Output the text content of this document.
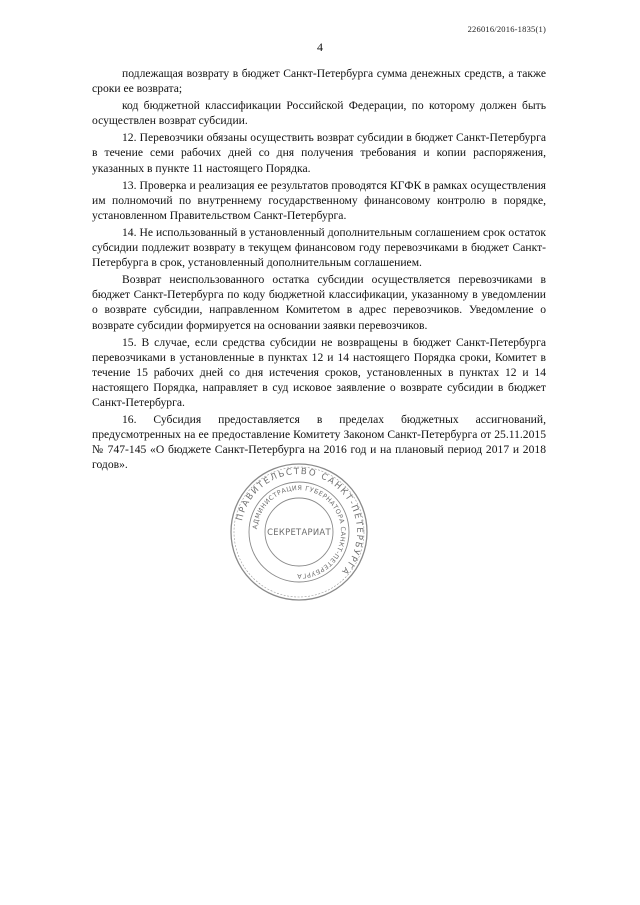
226016/2016-1835(1)
4

подлежащая возврату в бюджет Санкт-Петербурга сумма денежных средств, а также сроки ее возврата;

код бюджетной классификации Российской Федерации, по которому должен быть осуществлен возврат субсидии.

12. Перевозчики обязаны осуществить возврат субсидии в бюджет Санкт-Петербурга в течение семи рабочих дней со дня получения требования и копии распоряжения, указанных в пункте 11 настоящего Порядка.

13. Проверка и реализация ее результатов проводятся КГФК в рамках осуществления им полномочий по внутреннему государственному финансовому контролю в порядке, установленном Правительством Санкт-Петербурга.

14. Не использованный в установленный дополнительным соглашением срок остаток субсидии подлежит возврату в текущем финансовом году перевозчиками в бюджет Санкт-Петербурга в срок, установленный дополнительным соглашением.

Возврат неиспользованного остатка субсидии осуществляется перевозчиками в бюджет Санкт-Петербурга по коду бюджетной классификации, указанному в уведомлении о возврате субсидии, направленном Комитетом в адрес перевозчиков. Уведомление о возврате субсидии формируется на основании заявки перевозчиков.

15. В случае, если средства субсидии не возвращены в бюджет Санкт-Петербурга перевозчиками в установленные в пунктах 12 и 14 настоящего Порядка сроки, Комитет в течение 15 рабочих дней со дня истечения сроков, установленных в пунктах 12 и 14 настоящего Порядка, направляет в суд исковое заявление о возврате субсидии в бюджет Санкт-Петербурга.

16. Субсидия предоставляется в пределах бюджетных ассигнований, предусмотренных на ее предоставление Комитету Законом Санкт-Петербурга от 25.11.2015 № 747-145 «О бюджете Санкт-Петербурга на 2016 год и на плановый период 2017 и 2018 годов».

ПРАВИТЕЛЬСТВО САНКТ-ПЕТЕРБУРГА
АДМИНИСТРАЦИЯ ГУБЕРНАТОРА САНКТ-ПЕТЕРБУРГА
СЕКРЕТАРИАТ
